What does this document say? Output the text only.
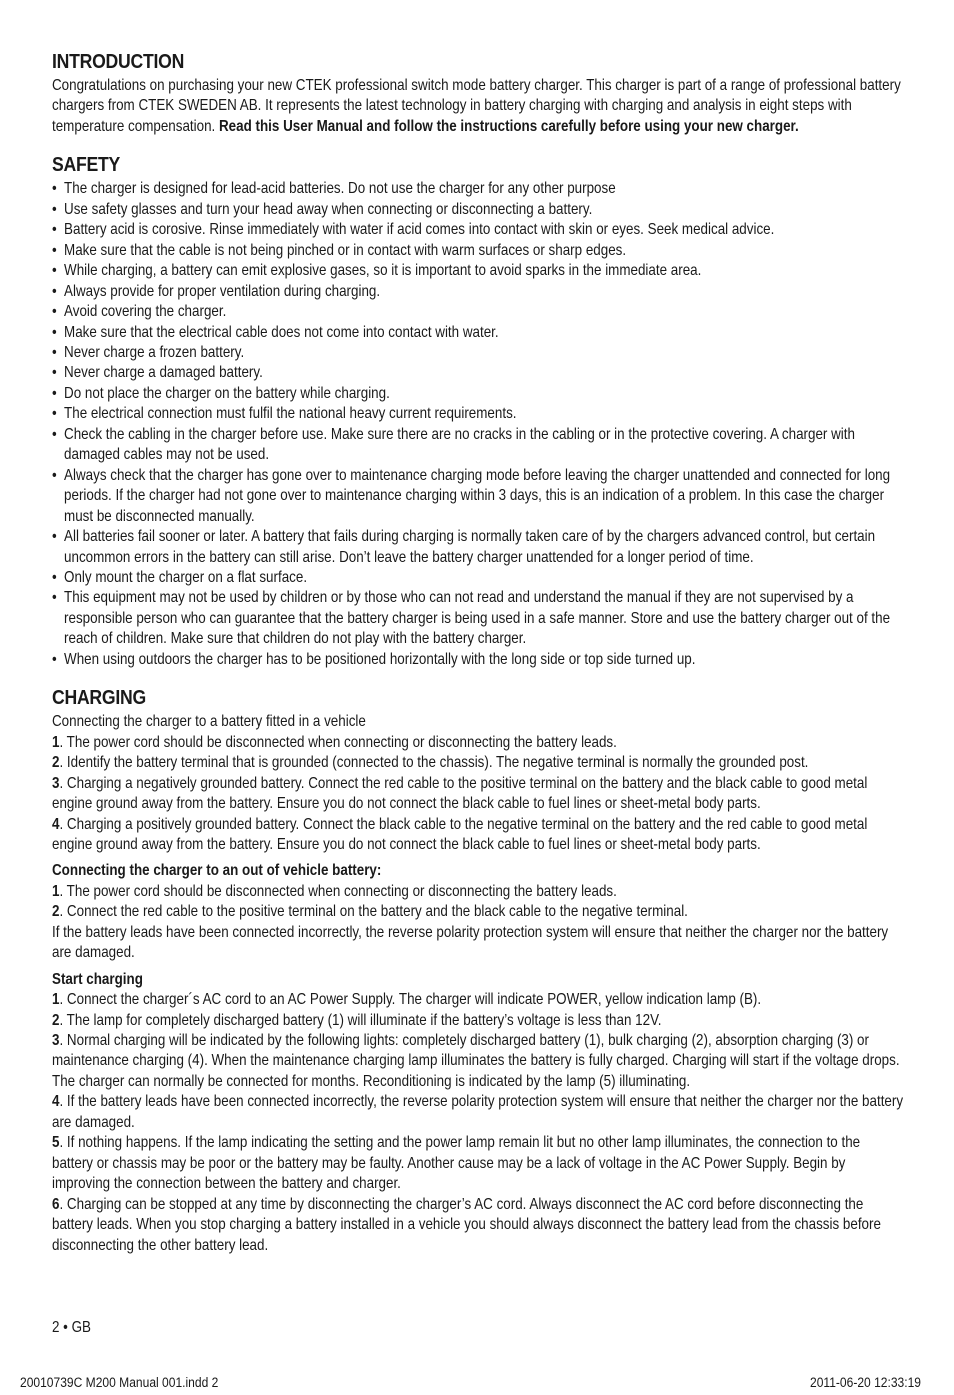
INTRODUCTION

Congratulations on purchasing your new CTEK professional switch mode battery charger. This charger is part of a range of professional battery chargers from CTEK SWEDEN AB. It represents the latest technology in battery charging with charging and analysis in eight steps with temperature compensation. Read this User Manual and follow the instructions carefully before using your new charger.

SAFETY
• The charger is designed for lead-acid batteries. Do not use the charger for any other purpose
• Use safety glasses and turn your head away when connecting or disconnecting a battery.
• Battery acid is corosive. Rinse immediately with water if acid comes into contact with skin or eyes. Seek medical advice.
• Make sure that the cable is not being pinched or in contact with warm surfaces or sharp edges.
• While charging, a battery can emit explosive gases, so it is important to avoid sparks in the immediate area.
• Always provide for proper ventilation during charging.
• Avoid covering the charger.
• Make sure that the electrical cable does not come into contact with water.
• Never charge a frozen battery.
• Never charge a damaged battery.
• Do not place the charger on the battery while charging.
• The electrical connection must fulfil the national heavy current requirements.
• Check the cabling in the charger before use. Make sure there are no cracks in the cabling or in the protective covering. A charger with damaged cables may not be used.
• Always check that the charger has gone over to maintenance charging mode before leaving the charger unattended and connected for long periods. If the charger had not gone over to maintenance charging within 3 days, this is an indication of a problem. In this case the charger must be disconnected manually.
• All batteries fail sooner or later. A battery that fails during charging is normally taken care of by the chargers advanced control, but certain uncommon errors in the battery can still arise. Don’t leave the battery charger unattended for a longer period of time.
• Only mount the charger on a flat surface.
• This equipment may not be used by children or by those who can not read and understand the manual if they are not supervised by a responsible person who can guarantee that the battery charger is being used in a safe manner. Store and use the battery charger out of the reach of children. Make sure that children do not play with the battery charger.
• When using outdoors the charger has to be positioned horizontally with the long side or top side turned up.
CHARGING

Connecting the charger to a battery fitted in a vehicle

1. The power cord should be disconnected when connecting or disconnecting the battery leads.

2. Identify the battery terminal that is grounded (connected to the chassis). The negative terminal is normally the grounded post.

3. Charging a negatively grounded battery. Connect the red cable to the positive terminal on the battery and the black cable to good metal engine ground away from the battery. Ensure you do not connect the black cable to fuel lines or sheet-metal body parts.

4. Charging a positively grounded battery. Connect the black cable to the negative terminal on the battery and the red cable to good metal engine ground away from the battery. Ensure you do not connect the black cable to fuel lines or sheet-metal body parts.

Connecting the charger to an out of vehicle battery:

1. The power cord should be disconnected when connecting or disconnecting the battery leads.

2. Connect the red cable to the positive terminal on the battery and the black cable to the negative terminal.

If the battery leads have been connected incorrectly, the reverse polarity protection system will ensure that neither the charger nor the battery are damaged.

Start charging

1. Connect the charger´s AC cord to an AC Power Supply. The charger will indicate POWER, yellow indication lamp (B).

2. The lamp for completely discharged battery (1) will illuminate if the battery’s voltage is less than 12V.

3. Normal charging will be indicated by the following lights: completely discharged battery (1), bulk charging (2), absorption charging (3) or maintenance charging (4). When the maintenance charging lamp illuminates the battery is fully charged. Charging will start if the voltage drops. The charger can normally be connected for months. Reconditioning is indicated by the lamp (5) illuminating.

4. If the battery leads have been connected incorrectly, the reverse polarity protection system will ensure that neither the charger nor the battery are damaged.

5. If nothing happens. If the lamp indicating the setting and the power lamp remain lit but no other lamp illuminates, the connection to the battery or chassis may be poor or the battery may be faulty. Another cause may be a lack of voltage in the AC Power Supply. Begin by improving the connection between the battery and charger.

6. Charging can be stopped at any time by disconnecting the charger’s AC cord. Always disconnect the AC cord before disconnecting the battery leads. When you stop charging a battery installed in a vehicle you should always disconnect the battery lead from the chassis before disconnecting the other battery lead.

2 • GB
20010739C M200 Manual 001.indd 2	2011-06-20 12:33:19
